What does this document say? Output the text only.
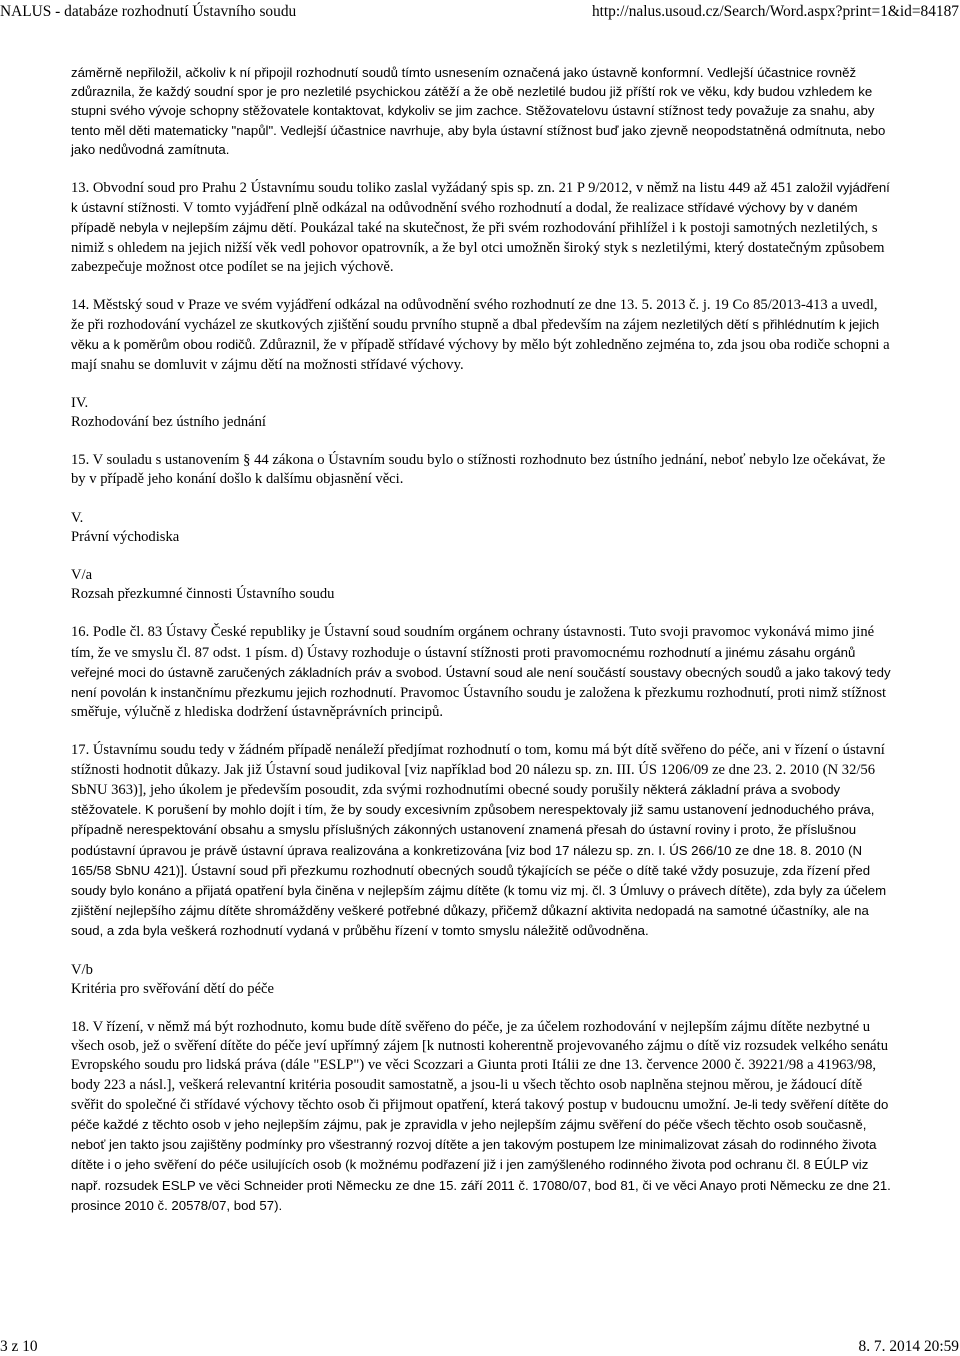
NALUS - databáze rozhodnutí Ústavního soudu	http://nalus.usoud.cz/Search/Word.aspx?print=1&id=84187

záměrně nepřiložil, ačkoliv k ní připojil rozhodnutí soudů tímto usnesením označená jako ústavně konformní. Vedlejší účastnice rovněž zdůraznila, že každý soudní spor je pro nezletilé psychickou zátěží a že obě nezletilé budou již příští rok ve věku, kdy budou vzhledem ke stupni svého vývoje schopny stěžovatele kontaktovat, kdykoliv se jim zachce. Stěžovatelovu ústavní stížnost tedy považuje za snahu, aby tento měl děti matematicky "napůl". Vedlejší účastnice navrhuje, aby byla ústavní stížnost buď jako zjevně neopodstatněná odmítnuta, nebo jako nedůvodná zamítnuta.

13. Obvodní soud pro Prahu 2 Ústavnímu soudu toliko zaslal vyžádaný spis sp. zn. 21 P 9/2012, v němž na listu 449 až 451 založil vyjádření k ústavní stížnosti. V tomto vyjádření plně odkázal na odůvodnění svého rozhodnutí a dodal, že realizace střídavé výchovy by v daném případě nebyla v nejlepším zájmu dětí. Poukázal také na skutečnost, že při svém rozhodování přihlížel i k postoji samotných nezletilých, s nimiž s ohledem na jejich nižší věk vedl pohovor opatrovník, a že byl otci umožněn široký styk s nezletilými, který dostatečným způsobem zabezpečuje možnost otce podílet se na jejich výchově.

14. Městský soud v Praze ve svém vyjádření odkázal na odůvodnění svého rozhodnutí ze dne 13. 5. 2013 č. j. 19 Co 85/2013-413 a uvedl, že při rozhodování vycházel ze skutkových zjištění soudu prvního stupně a dbal především na zájem nezletilých dětí s přihlédnutím k jejich věku a k poměrům obou rodičů. Zdůraznil, že v případě střídavé výchovy by mělo být zohledněno zejména to, zda jsou oba rodiče schopni a mají snahu se domluvit v zájmu dětí na možnosti střídavé výchovy.

IV.
Rozhodování bez ústního jednání

15. V souladu s ustanovením § 44 zákona o Ústavním soudu bylo o stížnosti rozhodnuto bez ústního jednání, neboť nebylo lze očekávat, že by v případě jeho konání došlo k dalšímu objasnění věci.

V.
Právní východiska
V/a
Rozsah přezkumné činnosti Ústavního soudu

16. Podle čl. 83 Ústavy České republiky je Ústavní soud soudním orgánem ochrany ústavnosti. Tuto svoji pravomoc vykonává mimo jiné tím, že ve smyslu čl. 87 odst. 1 písm. d) Ústavy rozhoduje o ústavní stížnosti proti pravomocnému rozhodnutí a jinému zásahu orgánů veřejné moci do ústavně zaručených základních práv a svobod. Ústavní soud ale není součástí soustavy obecných soudů a jako takový tedy není povolán k instančnímu přezkumu jejich rozhodnutí. Pravomoc Ústavního soudu je založena k přezkumu rozhodnutí, proti nimž stížnost směřuje, výlučně z hlediska dodržení ústavněprávních principů.

17. Ústavnímu soudu tedy v žádném případě nenáleží předjímat rozhodnutí o tom, komu má být dítě svěřeno do péče, ani v řízení o ústavní stížnosti hodnotit důkazy. Jak již Ústavní soud judikoval [viz například bod 20 nálezu sp. zn. III. ÚS 1206/09 ze dne 23. 2. 2010 (N 32/56 SbNU 363)], jeho úkolem je především posoudit, zda svými rozhodnutími obecné soudy porušily některá základní práva a svobody stěžovatele. K porušení by mohlo dojít i tím, že by soudy excesivním způsobem nerespektovaly již samu ustanovení jednoduchého práva, případně nerespektování obsahu a smyslu příslušných zákonných ustanovení znamená přesah do ústavní roviny i proto, že příslušnou podústavní úpravou je právě ústavní úprava realizována a konkretizována [viz bod 17 nálezu sp. zn. I. ÚS 266/10 ze dne 18. 8. 2010 (N 165/58 SbNU 421)]. Ústavní soud při přezkumu rozhodnutí obecných soudů týkajících se péče o dítě také vždy posuzuje, zda řízení před soudy bylo konáno a přijatá opatření byla činěna v nejlepším zájmu dítěte (k tomu viz mj. čl. 3 Úmluvy o právech dítěte), zda byly za účelem zjištění nejlepšího zájmu dítěte shromážděny veškeré potřebné důkazy, přičemž důkazní aktivita nedopadá na samotné účastníky, ale na soud, a zda byla veškerá rozhodnutí vydaná v průběhu řízení v tomto smyslu náležitě odůvodněna.

V/b
Kritéria pro svěřování dětí do péče

18. V řízení, v němž má být rozhodnuto, komu bude dítě svěřeno do péče, je za účelem rozhodování v nejlepším zájmu dítěte nezbytné u všech osob, jež o svěření dítěte do péče jeví upřímný zájem [k nutnosti koherentně projevovaného zájmu o dítě viz rozsudek velkého senátu Evropského soudu pro lidská práva (dále "ESLP") ve věci Scozzari a Giunta proti Itálii ze dne 13. července 2000 č. 39221/98 a 41963/98, body 223 a násl.], veškerá relevantní kritéria posoudit samostatně, a jsou-li u všech těchto osob naplněna stejnou měrou, je žádoucí dítě svěřit do společné či střídavé výchovy těchto osob či přijmout opatření, která takový postup v budoucnu umožní. Je-li tedy svěření dítěte do péče každé z těchto osob v jeho nejlepším zájmu, pak je zpravidla v jeho nejlepším zájmu svěření do péče všech těchto osob současně, neboť jen takto jsou zajištěny podmínky pro všestranný rozvoj dítěte a jen takovým postupem lze minimalizovat zásah do rodinného života dítěte i o jeho svěření do péče usilujících osob (k možnému podřazení již i jen zamýšleného rodinného života pod ochranu čl. 8 EÚLP viz např. rozsudek ESLP ve věci Schneider proti Německu ze dne 15. září 2011 č. 17080/07, bod 81, či ve věci Anayo proti Německu ze dne 21. prosince 2010 č. 20578/07, bod 57).

3 z 10	8. 7. 2014 20:59
